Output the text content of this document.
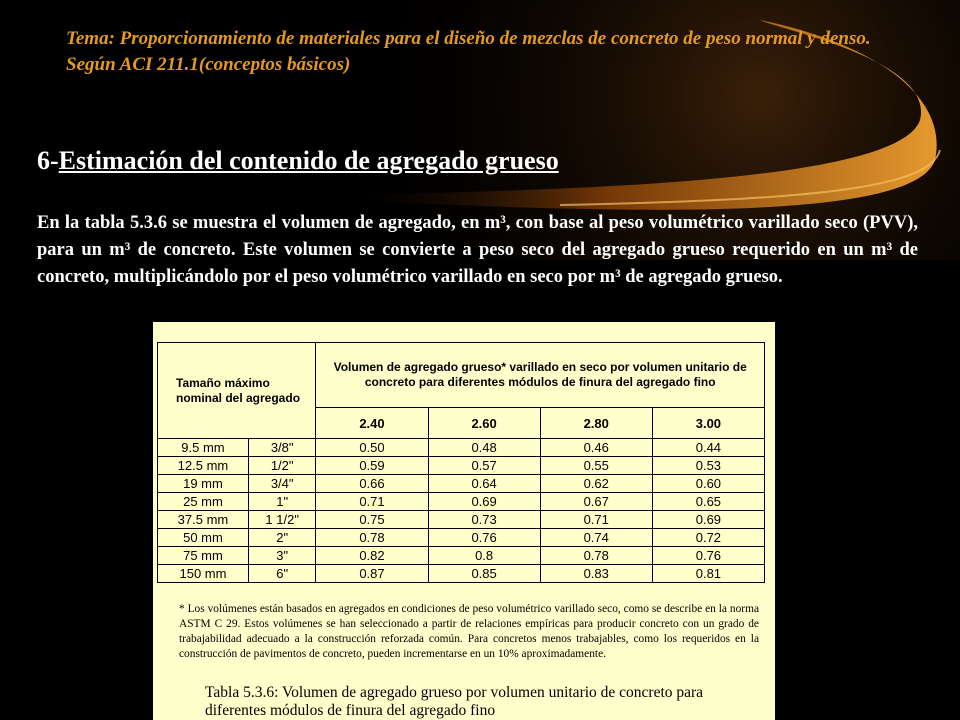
Tema: Proporcionamiento de materiales para el diseño de mezclas de concreto de peso normal y denso. Según ACI 211.1(conceptos básicos)
6-Estimación del contenido de agregado grueso
En la tabla 5.3.6 se muestra el volumen de agregado, en m³, con base al peso volumétrico varillado seco (PVV), para un m³ de concreto. Este volumen se convierte a peso seco del agregado grueso requerido en un m³ de concreto, multiplicándolo por el peso volumétrico varillado en seco por m³ de agregado grueso.
Tamaño máximo nominal del agregado		Volumen de agregado grueso* varillado en seco por volumen unitario de concreto para diferentes módulos de finura del agregado fino			
		2.40	2.60	2.80	3.00
9.5 mm	3/8"	0.50	0.48	0.46	0.44
12.5 mm	1/2"	0.59	0.57	0.55	0.53
19 mm	3/4"	0.66	0.64	0.62	0.60
25 mm	1"	0.71	0.69	0.67	0.65
37.5 mm	1 1/2"	0.75	0.73	0.71	0.69
50 mm	2"	0.78	0.76	0.74	0.72
75 mm	3"	0.82	0.8	0.78	0.76
150 mm	6"	0.87	0.85	0.83	0.81
* Los volúmenes están basados en agregados en condiciones de peso volumétrico varillado seco, como se describe en la norma ASTM C 29. Estos volúmenes se han seleccionado a partir de relaciones empíricas para producir concreto con un grado de trabajabilidad adecuado a la construcción reforzada común. Para concretos menos trabajables, como los requeridos en la construcción de pavimentos de concreto, pueden incrementarse en un 10% aproximadamente.
Tabla 5.3.6: Volumen de agregado grueso por volumen unitario de concreto para diferentes módulos de finura del agregado fino
